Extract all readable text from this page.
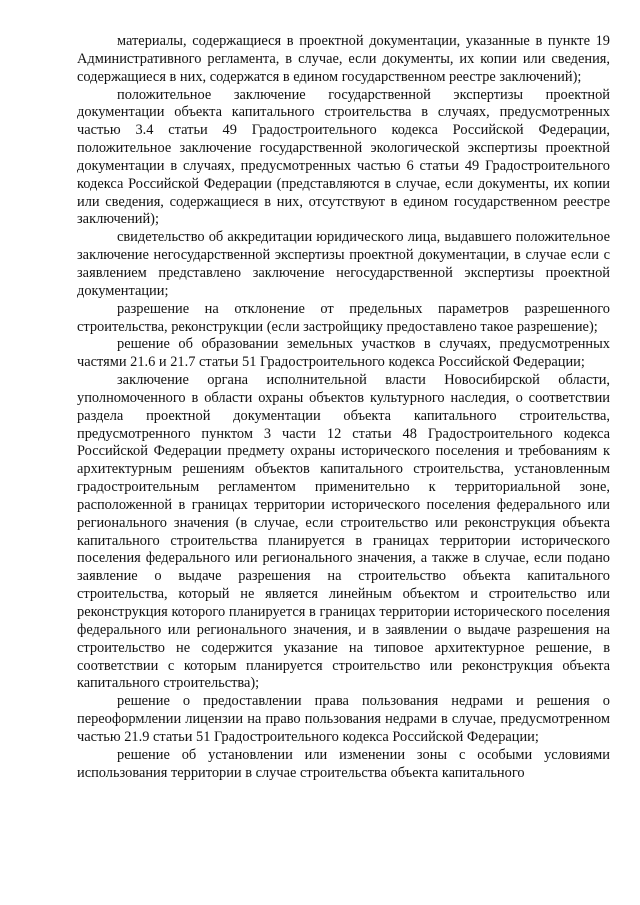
материалы, содержащиеся в проектной документации, указанные в пункте 19 Административного регламента, в случае, если документы, их копии или сведения, содержащиеся в них, содержатся в едином государственном реестре заключений);

положительное заключение государственной экспертизы проектной документации объекта капитального строительства в случаях, предусмотренных частью 3.4 статьи 49 Градостроительного кодекса Российской Федерации, положительное заключение государственной экологической экспертизы проектной документации в случаях, предусмотренных частью 6 статьи 49 Градостроительного кодекса Российской Федерации (представляются в случае, если документы, их копии или сведения, содержащиеся в них, отсутствуют в едином государственном реестре заключений);

свидетельство об аккредитации юридического лица, выдавшего положительное заключение негосударственной экспертизы проектной документации, в случае если с заявлением представлено заключение негосударственной экспертизы проектной документации;

разрешение на отклонение от предельных параметров разрешенного строительства, реконструкции (если застройщику предоставлено такое разрешение);

решение об образовании земельных участков в случаях, предусмотренных частями 21.6 и 21.7 статьи 51 Градостроительного кодекса Российской Федерации;

заключение органа исполнительной власти Новосибирской области, уполномоченного в области охраны объектов культурного наследия, о соответствии раздела проектной документации объекта капитального строительства, предусмотренного пунктом 3 части 12 статьи 48 Градостроительного кодекса Российской Федерации предмету охраны исторического поселения и требованиям к архитектурным решениям объектов капитального строительства, установленным градостроительным регламентом применительно к территориальной зоне, расположенной в границах территории исторического поселения федерального или регионального значения (в случае, если строительство или реконструкция объекта капитального строительства планируется в границах территории исторического поселения федерального или регионального значения, а также в случае, если подано заявление о выдаче разрешения на строительство объекта капитального строительства, который не является линейным объектом и строительство или реконструкция которого планируется в границах территории исторического поселения федерального или регионального значения, и в заявлении о выдаче разрешения на строительство не содержится указание на типовое архитектурное решение, в соответствии с которым планируется строительство или реконструкция объекта капитального строительства);

решение о предоставлении права пользования недрами и решения о переоформлении лицензии на право пользования недрами в случае, предусмотренном частью 21.9 статьи 51 Градостроительного кодекса Российской Федерации;

решение об установлении или изменении зоны с особыми условиями использования территории в случае строительства объекта капитального
